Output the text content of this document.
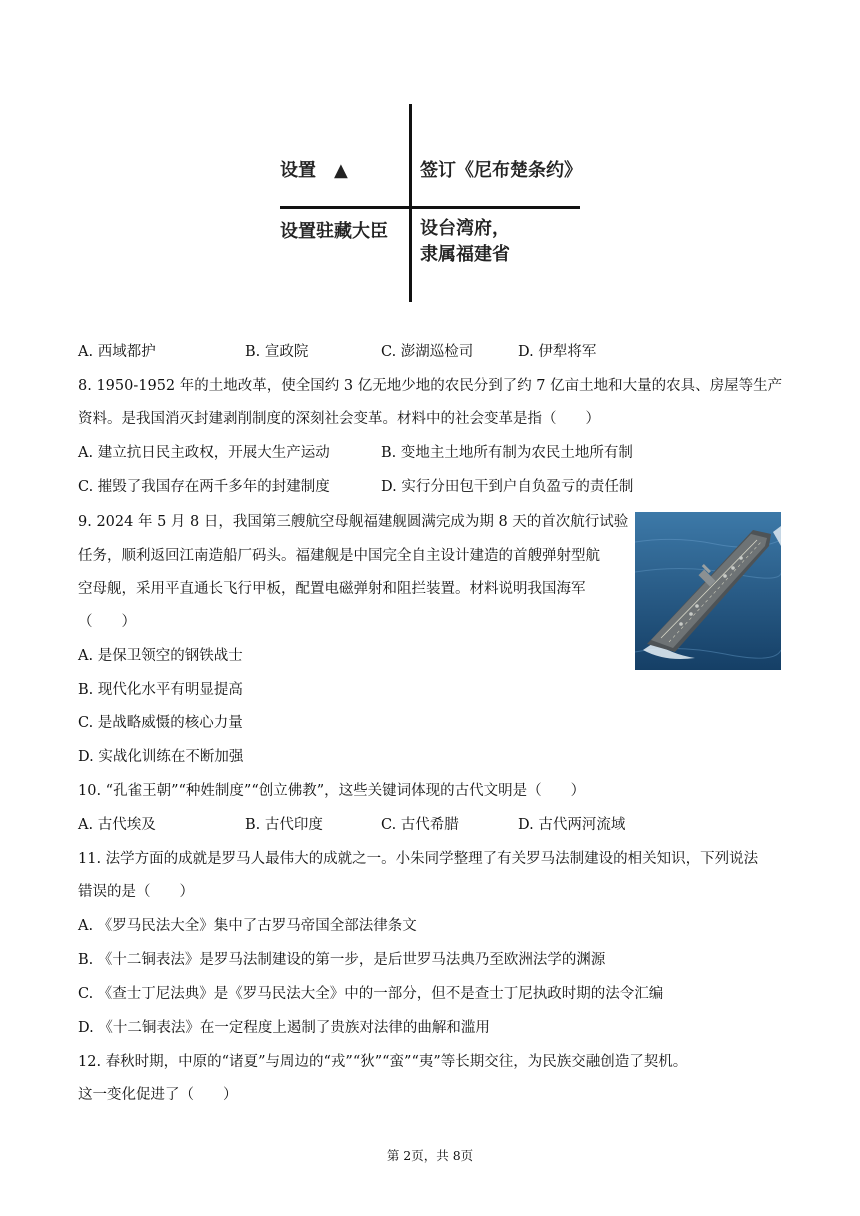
设置　▲	签订《尼布楚条约》
设置驻藏大臣 设台湾府，
隶属福建省
A. 西域都护	B. 宣政院	C. 澎湖巡检司	D. 伊犁将军
8. 1950-1952 年的土地改革，使全国约 3 亿无地少地的农民分到了约 7 亿亩土地和大量的农具、房屋等生产
资料。是我国消灭封建剥削制度的深刻社会变革。材料中的社会变革是指（　　）
A. 建立抗日民主政权，开展大生产运动	B. 变地主土地所有制为农民土地所有制
C. 摧毁了我国存在两千多年的封建制度	D. 实行分田包干到户自负盈亏的责任制
9. 2024 年 5 月 8 日，我国第三艘航空母舰福建舰圆满完成为期 8 天的首次航行试验
任务，顺利返回江南造船厂码头。福建舰是中国完全自主设计建造的首艘弹射型航
空母舰，采用平直通长飞行甲板，配置电磁弹射和阻拦装置。材料说明我国海军
（　　）
A. 是保卫领空的钢铁战士
B. 现代化水平有明显提高
C. 是战略威慑的核心力量
D. 实战化训练在不断加强
10. “孔雀王朝”“种姓制度”“创立佛教”，这些关键词体现的古代文明是（　　）
A. 古代埃及	B. 古代印度	C. 古代希腊	D. 古代两河流域
11. 法学方面的成就是罗马人最伟大的成就之一。小朱同学整理了有关罗马法制建设的相关知识，下列说法
错误的是（　　）
A. 《罗马民法大全》集中了古罗马帝国全部法律条文
B. 《十二铜表法》是罗马法制建设的第一步，是后世罗马法典乃至欧洲法学的渊源
C. 《查士丁尼法典》是《罗马民法大全》中的一部分，但不是查士丁尼执政时期的法令汇编
D. 《十二铜表法》在一定程度上遏制了贵族对法律的曲解和滥用
12. 春秋时期，中原的“诸夏”与周边的“戎”“狄”“蛮”“夷”等长期交往，为民族交融创造了契机。
这一变化促进了（　　）
第 2页，共 8页
